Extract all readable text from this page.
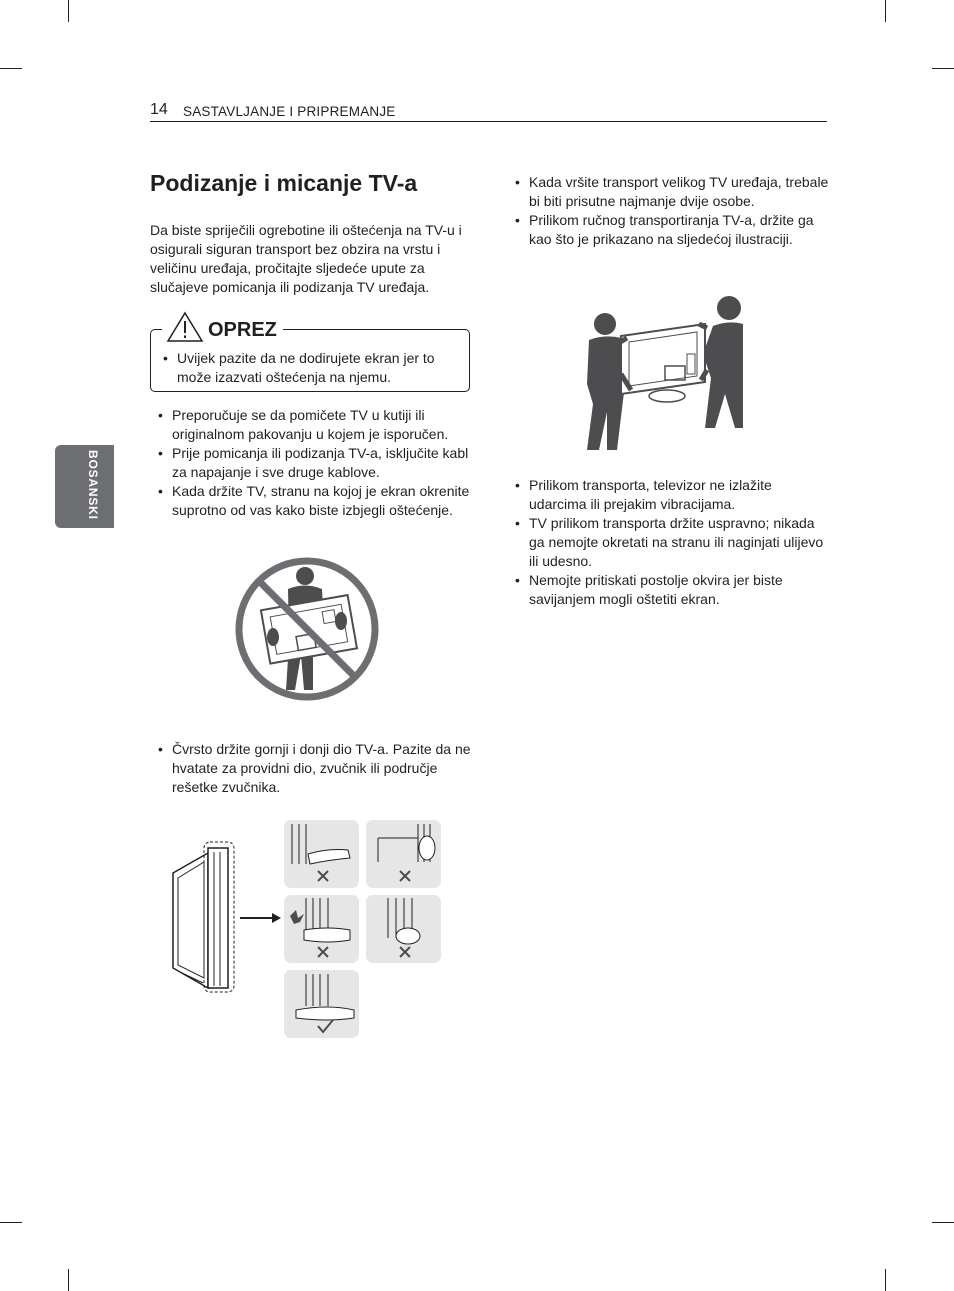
14 SASTAVLJANJE I PRIPREMANJE
BOSANSKI
Podizanje i micanje TV-a
Da biste spriječili ogrebotine ili oštećenja na TV-u i osigurali siguran transport bez obzira na vrstu i veličinu uređaja, pročitajte sljedeće upute za slučajeve pomicanja ili podizanja TV uređaja.
OPREZ
• Uvijek pazite da ne dodirujete ekran jer to može izazvati oštećenja na njemu.
• Preporučuje se da pomičete TV u kutiji ili originalnom pakovanju u kojem je isporučen.
• Prije pomicanja ili podizanja TV-a, isključite kabl za napajanje i sve druge kablove.
• Kada držite TV, stranu na kojoj je ekran okrenite suprotno od vas kako biste izbjegli oštećenje.
• Čvrsto držite gornji i donji dio TV-a. Pazite da ne hvatate za providni dio, zvučnik ili područje rešetke zvučnika.
• Kada vršite transport velikog TV uređaja, trebale bi biti prisutne najmanje dvije osobe.
• Prilikom ručnog transportiranja TV-a, držite ga kao što je prikazano na sljedećoj ilustraciji.
• Prilikom transporta, televizor ne izlažite udarcima ili prejakim vibracijama.
• TV prilikom transporta držite uspravno; nikada ga nemojte okretati na stranu ili naginjati ulijevo ili udesno.
• Nemojte pritiskati postolje okvira jer biste savijanjem mogli oštetiti ekran.
